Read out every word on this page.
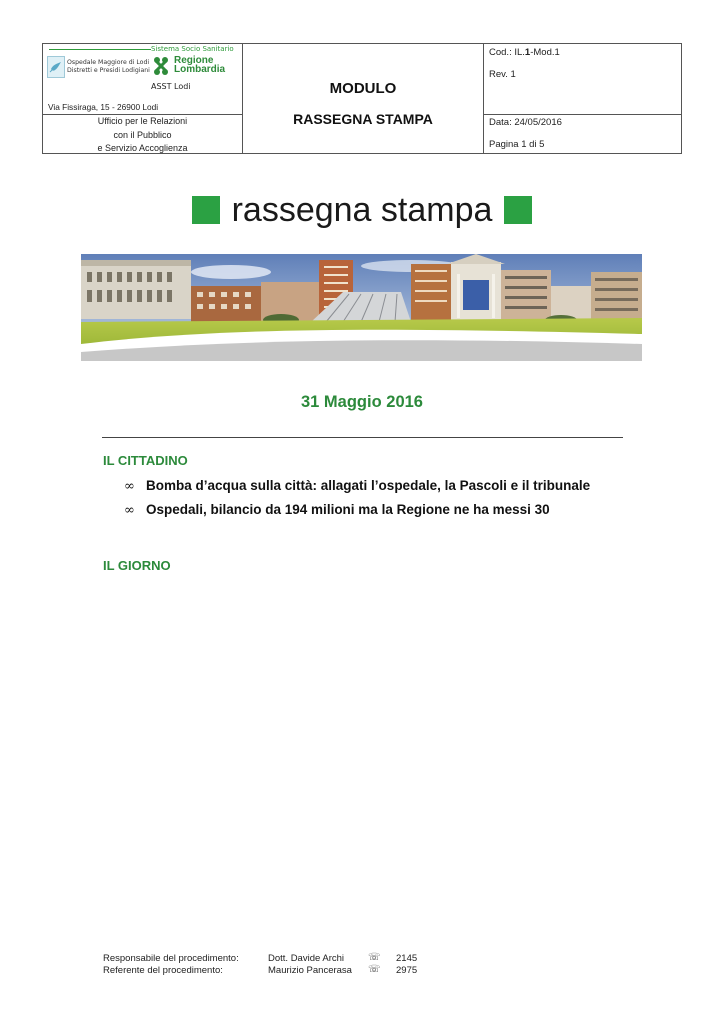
Sistema Socio Sanitario
Ospedale Maggiore di Lodi
Distretti e Presidi Lodigiani
Regione
Lombardia
ASST Lodi
Via Fissiraga, 15 - 26900 Lodi
Ufficio per le Relazioni
con il Pubblico
e Servizio Accoglienza
MODULO
RASSEGNA STAMPA
Cod.: IL.1-Mod.1
Rev. 1
Data: 24/05/2016
Pagina 1 di 5
rassegna stampa
31 Maggio 2016
IL CITTADINO
∞ Bomba d’acqua sulla città: allagati l’ospedale, la Pascoli e il tribunale
∞ Ospedali, bilancio da 194 milioni ma la Regione ne ha messi 30
IL GIORNO
Responsabile del procedimento:	Dott. Davide Archi ☏ 2145
Referente del procedimento:	Maurizio Pancerasa ☏ 2975
